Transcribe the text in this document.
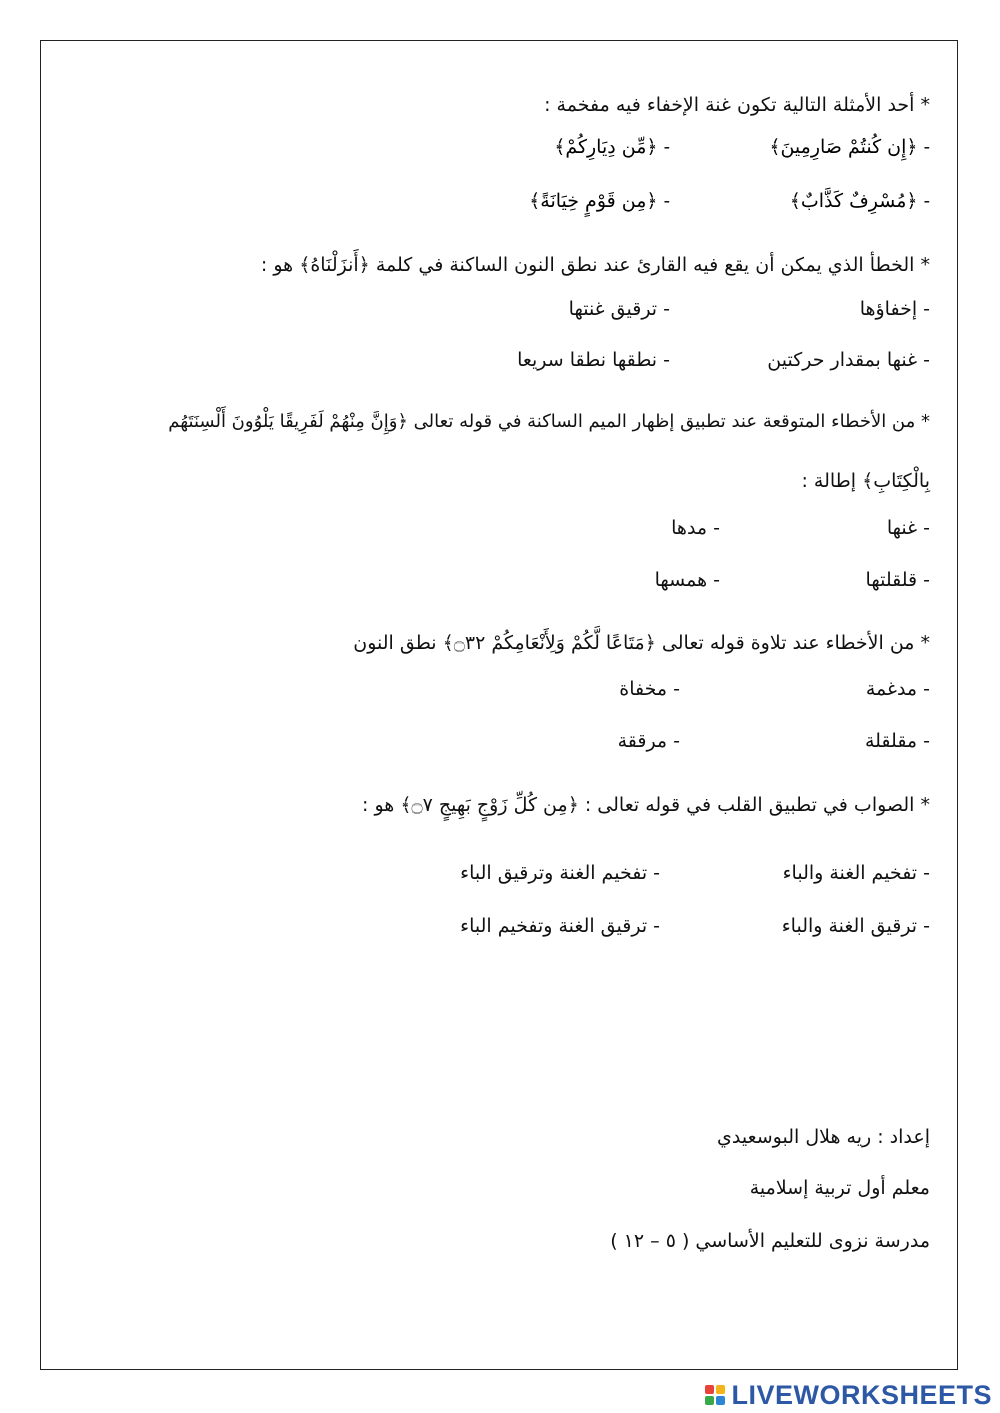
* أحد الأمثلة التالية تكون غنة الإخفاء فيه مفخمة :
- ﴿إِن كُنتُمْ صَارِمِينَ﴾
- ﴿مِّن دِيَارِكُمْ﴾
- ﴿مُسْرِفٌ كَذَّابٌ﴾
- ﴿مِن قَوْمٍ خِيَانَةً﴾
* الخطأ الذي يمكن أن يقع فيه القارئ عند نطق النون الساكنة في كلمة ﴿أَنزَلْنَاهُ﴾ هو :
- إخفاؤها
- ترقيق غنتها
- غنها بمقدار حركتين
- نطقها نطقا سريعا
* من الأخطاء المتوقعة عند تطبيق إظهار الميم الساكنة في قوله تعالى ﴿وَإِنَّ مِنْهُمْ لَفَرِيقًا يَلْوُونَ أَلْسِنَتَهُم
بِالْكِتَابِ﴾ إطالة :
- غنها
- مدها
- قلقلتها
- همسها
* من الأخطاء عند تلاوة قوله تعالى ﴿مَتَاعًا لَّكُمْ وَلِأَنْعَامِكُمْ ۝٣٢﴾ نطق النون
- مدغمة
- مخفاة
- مقلقلة
- مرققة
* الصواب في تطبيق القلب في قوله تعالى : ﴿مِن كُلِّ زَوْجٍ بَهِيجٍ ۝٧﴾ هو :
- تفخيم الغنة والباء
- تفخيم الغنة وترقيق الباء
- ترقيق الغنة والباء
- ترقيق الغنة وتفخيم الباء
إعداد : ريه هلال البوسعيدي
معلم أول تربية إسلامية
مدرسة نزوى للتعليم الأساسي ( ٥ – ١٢ )
LIVEWORKSHEETS
